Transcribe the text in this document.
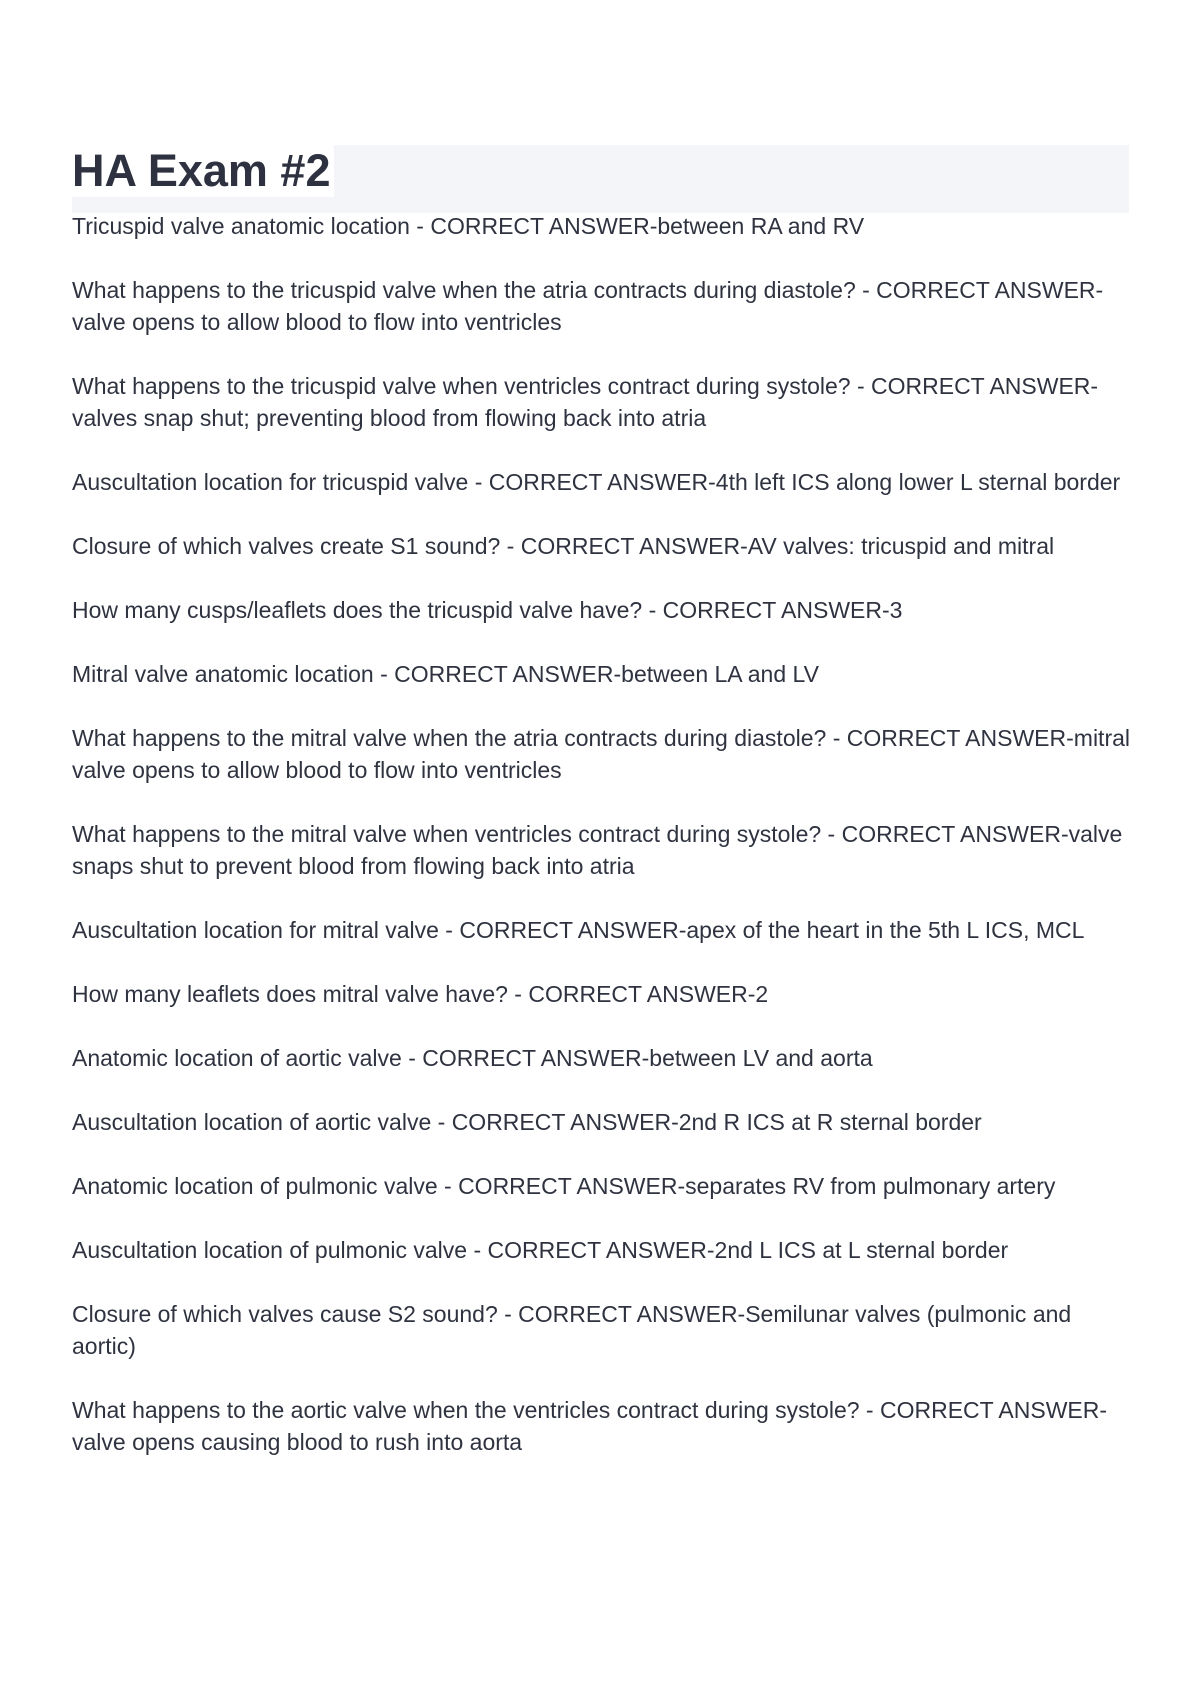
HA Exam #2
Tricuspid valve anatomic location - CORRECT ANSWER-between RA and RV
What happens to the tricuspid valve when the atria contracts during diastole? - CORRECT ANSWER-valve opens to allow blood to flow into ventricles
What happens to the tricuspid valve when ventricles contract during systole? - CORRECT ANSWER-valves snap shut; preventing blood from flowing back into atria
Auscultation location for tricuspid valve - CORRECT ANSWER-4th left ICS along lower L sternal border
Closure of which valves create S1 sound? - CORRECT ANSWER-AV valves: tricuspid and mitral
How many cusps/leaflets does the tricuspid valve have? - CORRECT ANSWER-3
Mitral valve anatomic location - CORRECT ANSWER-between LA and LV
What happens to the mitral valve when the atria contracts during diastole? - CORRECT ANSWER-mitral valve opens to allow blood to flow into ventricles
What happens to the mitral valve when ventricles contract during systole? - CORRECT ANSWER-valve snaps shut to prevent blood from flowing back into atria
Auscultation location for mitral valve - CORRECT ANSWER-apex of the heart in the 5th L ICS, MCL
How many leaflets does mitral valve have? - CORRECT ANSWER-2
Anatomic location of aortic valve - CORRECT ANSWER-between LV and aorta
Auscultation location of aortic valve - CORRECT ANSWER-2nd R ICS at R sternal border
Anatomic location of pulmonic valve - CORRECT ANSWER-separates RV from pulmonary artery
Auscultation location of pulmonic valve - CORRECT ANSWER-2nd L ICS at L sternal border
Closure of which valves cause S2 sound? - CORRECT ANSWER-Semilunar valves (pulmonic and aortic)
What happens to the aortic valve when the ventricles contract during systole? - CORRECT ANSWER-valve opens causing blood to rush into aorta
